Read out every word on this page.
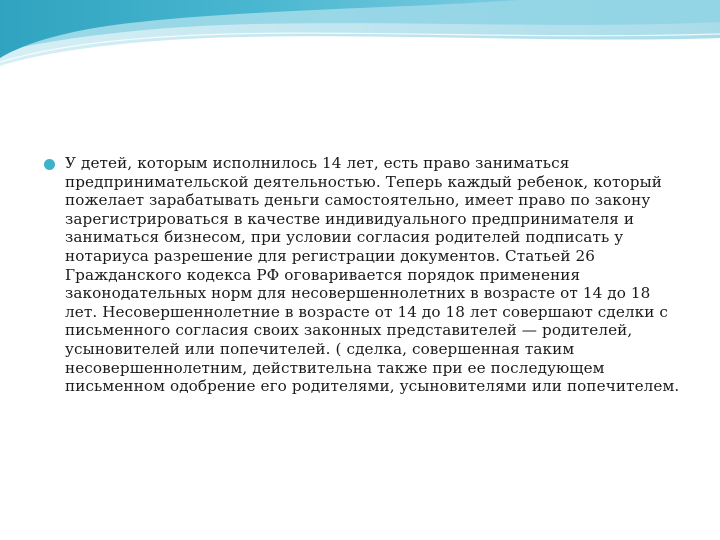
У детей, которым исполнилось 14 лет, есть право заниматься предпринимательской деятельностью. Теперь каждый ребенок, который пожелает зарабатывать деньги самостоятельно, имеет право по закону зарегистрироваться в качестве индивидуального предпринимателя и заниматься бизнесом, при условии согласия родителей подписать у нотариуса разрешение для регистрации документов. Статьей 26 Гражданского кодекса РФ оговаривается порядок применения законодательных норм для несовершеннолетних в возрасте от 14 до 18 лет. Несовершеннолетние в возрасте от 14 до 18 лет совершают сделки с письменного согласия своих законных представителей — родителей, усыновителей или попечителей. ( сделка, совершенная таким несовершеннолетним, действительна также при ее последующем письменном одобрение его родителями, усыновителями или попечителем.
